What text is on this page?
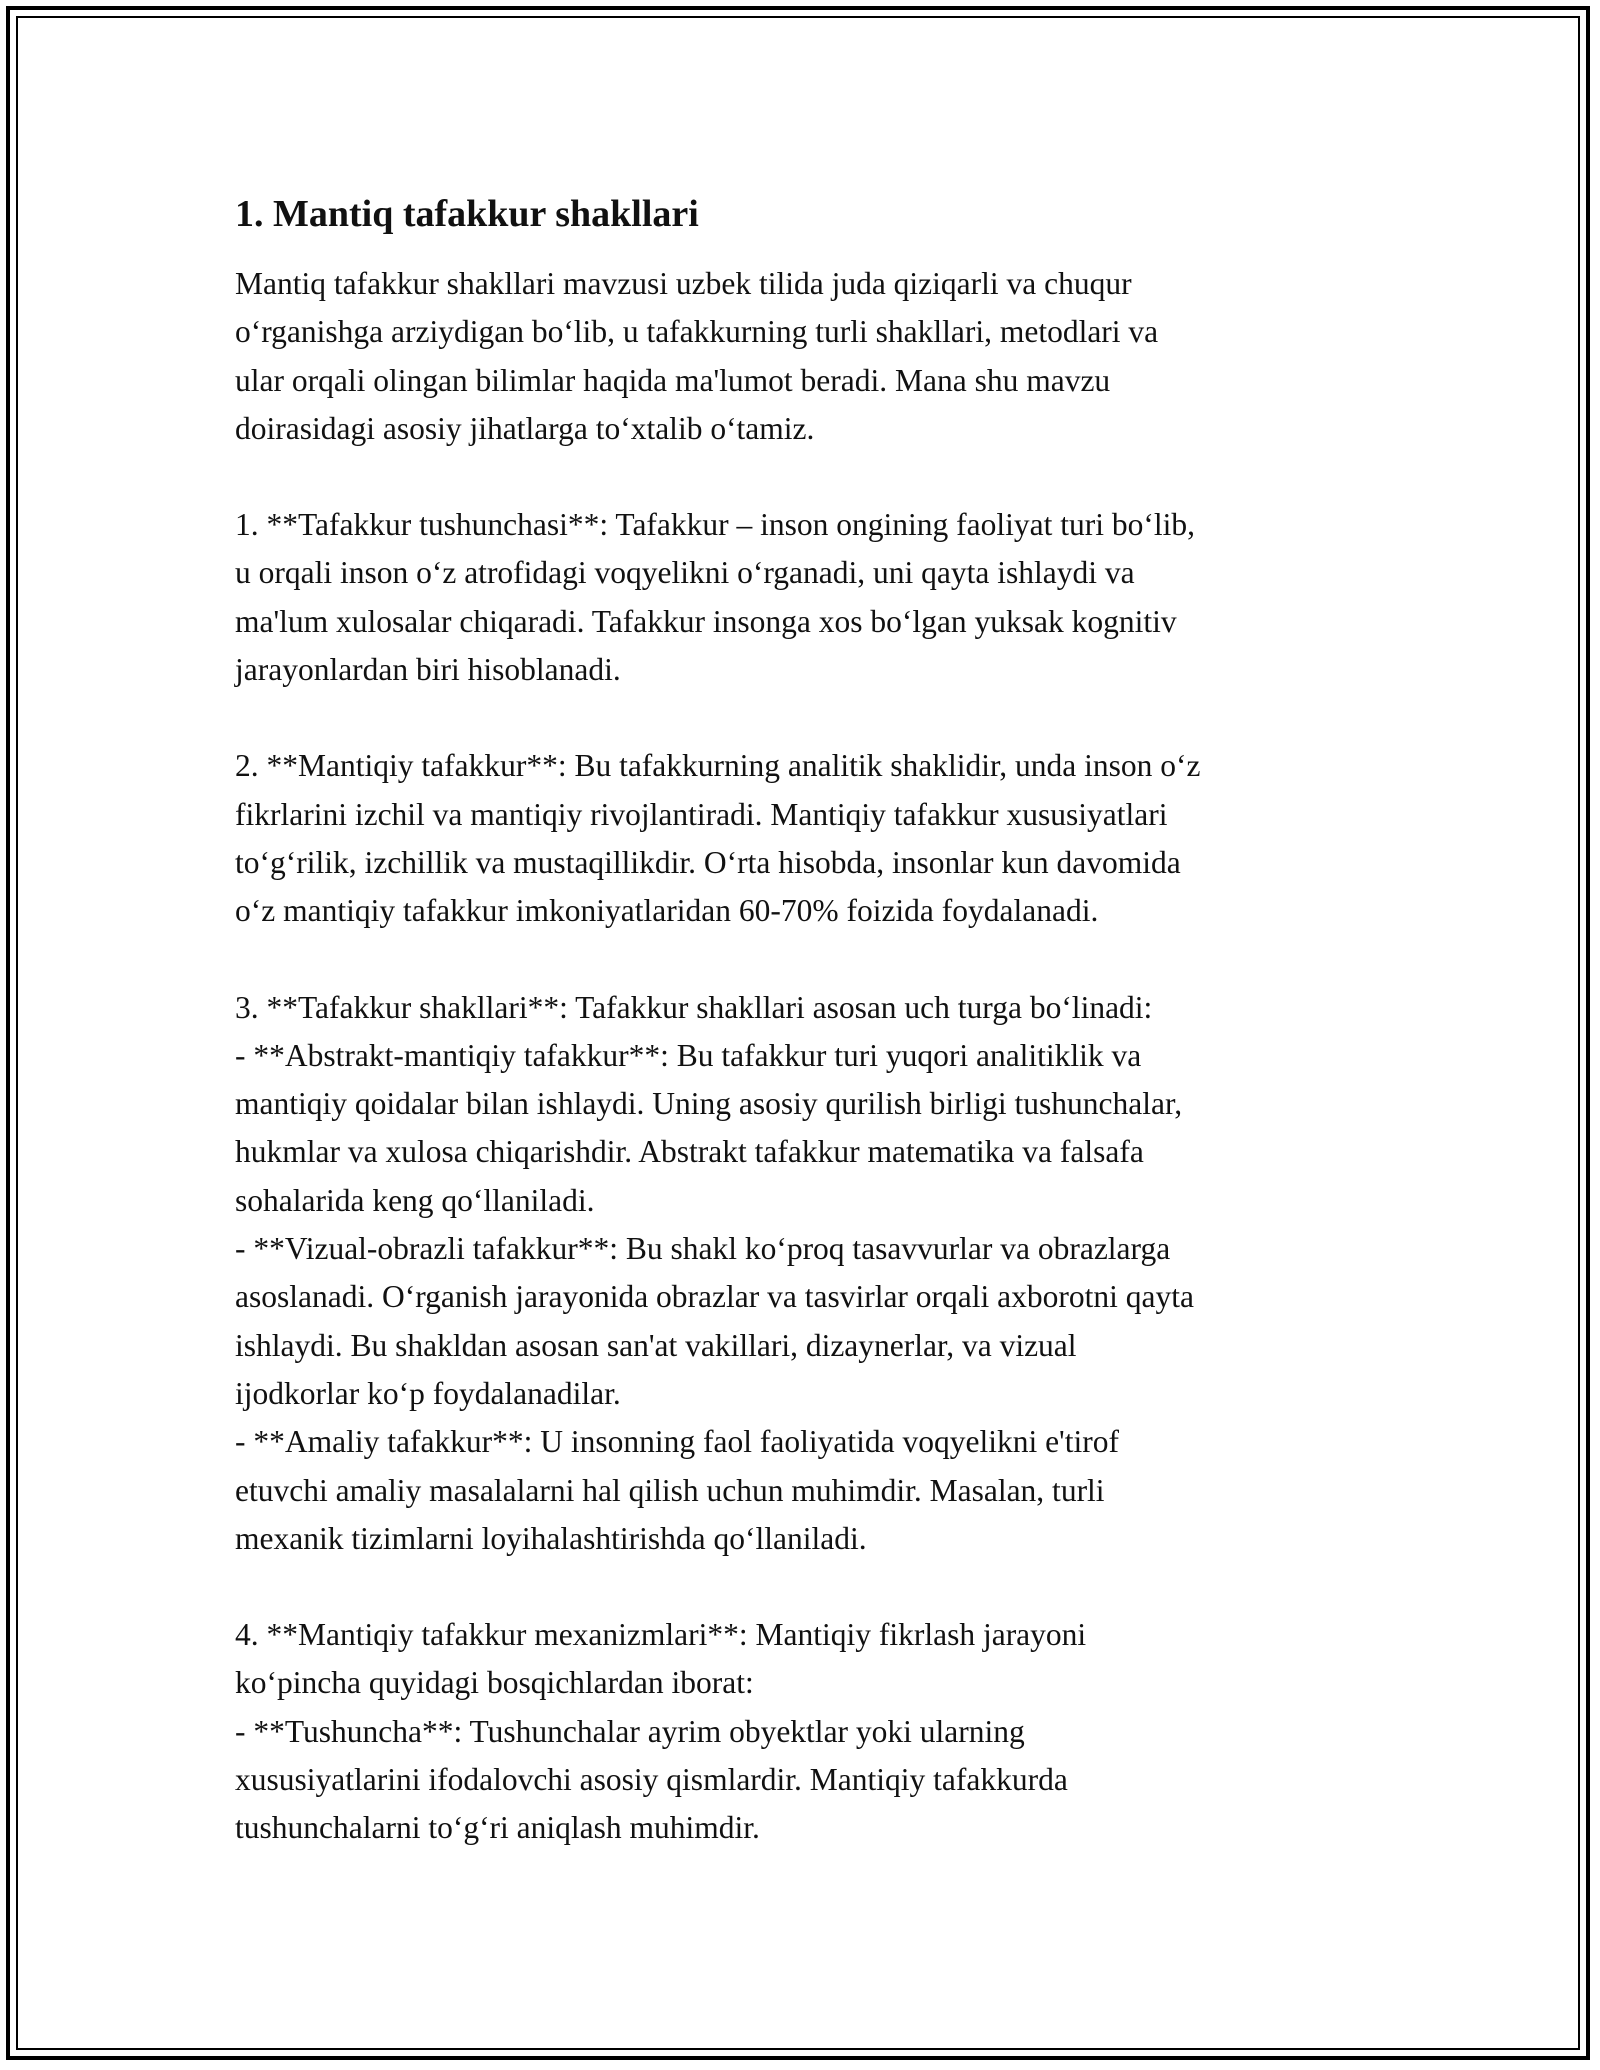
1. Mantiq tafakkur shakllari

Mantiq tafakkur shakllari mavzusi uzbek tilida juda qiziqarli va chuqur
o‘rganishga arziydigan bo‘lib, u tafakkurning turli shakllari, metodlari va
ular orqali olingan bilimlar haqida ma'lumot beradi. Mana shu mavzu
doirasidagi asosiy jihatlarga to‘xtalib o‘tamiz.

1. **Tafakkur tushunchasi**: Tafakkur – inson ongining faoliyat turi bo‘lib,
u orqali inson o‘z atrofidagi voqyelikni o‘rganadi, uni qayta ishlaydi va
ma'lum xulosalar chiqaradi. Tafakkur insonga xos bo‘lgan yuksak kognitiv
jarayonlardan biri hisoblanadi.

2. **Mantiqiy tafakkur**: Bu tafakkurning analitik shaklidir, unda inson o‘z
fikrlarini izchil va mantiqiy rivojlantiradi. Mantiqiy tafakkur xususiyatlari
to‘g‘rilik, izchillik va mustaqillikdir. O‘rta hisobda, insonlar kun davomida
o‘z mantiqiy tafakkur imkoniyatlaridan 60-70% foizida foydalanadi.

3. **Tafakkur shakllari**: Tafakkur shakllari asosan uch turga bo‘linadi:
- **Abstrakt-mantiqiy tafakkur**: Bu tafakkur turi yuqori analitiklik va
mantiqiy qoidalar bilan ishlaydi. Uning asosiy qurilish birligi tushunchalar,
hukmlar va xulosa chiqarishdir. Abstrakt tafakkur matematika va falsafa
sohalarida keng qo‘llaniladi.
- **Vizual-obrazli tafakkur**: Bu shakl ko‘proq tasavvurlar va obrazlarga
asoslanadi. O‘rganish jarayonida obrazlar va tasvirlar orqali axborotni qayta
ishlaydi. Bu shakldan asosan san'at vakillari, dizaynerlar, va vizual
ijodkorlar ko‘p foydalanadilar.
- **Amaliy tafakkur**: U insonning faol faoliyatida voqyelikni e'tirof
etuvchi amaliy masalalarni hal qilish uchun muhimdir. Masalan, turli
mexanik tizimlarni loyihalashtirishda qo‘llaniladi.

4. **Mantiqiy tafakkur mexanizmlari**: Mantiqiy fikrlash jarayoni
ko‘pincha quyidagi bosqichlardan iborat:
- **Tushuncha**: Tushunchalar ayrim obyektlar yoki ularning
xususiyatlarini ifodalovchi asosiy qismlardir. Mantiqiy tafakkurda
tushunchalarni to‘g‘ri aniqlash muhimdir.
